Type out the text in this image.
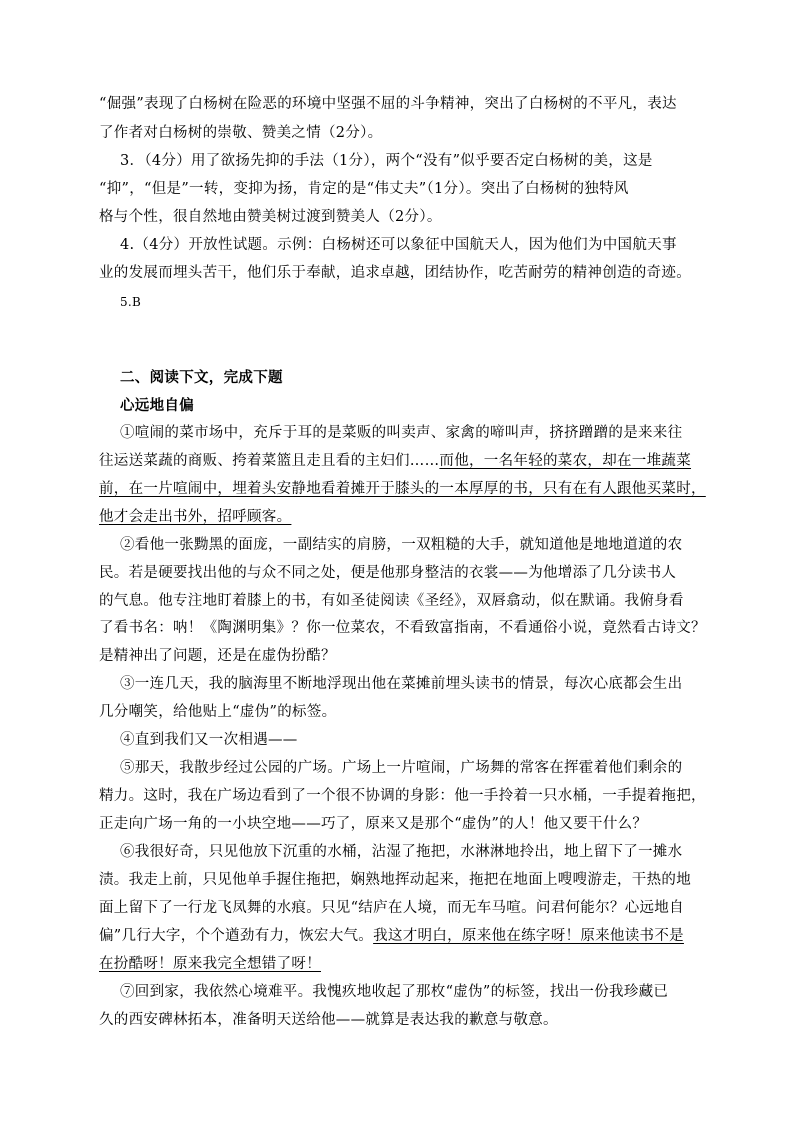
“倔强”表现了白杨树在险恶的环境中坚强不屈的斗争精神，突出了白杨树的不平凡，表达
了作者对白杨树的崇敬、赞美之情（2分）。
3．（4分）用了欲扬先抑的手法（1分），两个“没有”似乎要否定白杨树的美，这是
“抑”，“但是”一转，变抑为扬，肯定的是“伟丈夫”（1分）。突出了白杨树的独特风
格与个性，很自然地由赞美树过渡到赞美人（2分）。
4.（4分）开放性试题。示例：白杨树还可以象征中国航天人，因为他们为中国航天事
业的发展而埋头苦干，他们乐于奉献，追求卓越，团结协作，吃苦耐劳的精神创造的奇迹。
5.B
二、阅读下文，完成下题
心远地自偏
①喧闹的菜市场中，充斥于耳的是菜贩的叫卖声、家禽的啼叫声，挤挤蹭蹭的是来来往
往运送菜蔬的商贩、挎着菜篮且走且看的主妇们……而他，一名年轻的菜农，却在一堆蔬菜
前，在一片喧闹中，埋着头安静地看着摊开于膝头的一本厚厚的书，只有在有人跟他买菜时，
他才会走出书外，招呼顾客。
②看他一张黝黑的面庞，一副结实的肩膀，一双粗糙的大手，就知道他是地地道道的农
民。若是硬要找出他的与众不同之处，便是他那身整洁的衣裳——为他增添了几分读书人
的气息。他专注地盯着膝上的书，有如圣徒阅读《圣经》，双唇翕动，似在默诵。我俯身看
了看书名：呐！《陶渊明集》？你一位菜农，不看致富指南，不看通俗小说，竟然看古诗文？
是精神出了问题，还是在虚伪扮酷？
③一连几天，我的脑海里不断地浮现出他在菜摊前埋头读书的情景，每次心底都会生出
几分嘲笑，给他贴上“虚伪”的标签。
④直到我们又一次相遇——
⑤那天，我散步经过公园的广场。广场上一片喧闹，广场舞的常客在挥霍着他们剩余的
精力。这时，我在广场边看到了一个很不协调的身影：他一手拎着一只水桶，一手提着拖把，
正走向广场一角的一小块空地——巧了，原来又是那个“虚伪”的人！他又要干什么？
⑥我很好奇，只见他放下沉重的水桶，沾湿了拖把，水淋淋地拎出，地上留下了一摊水
渍。我走上前，只见他单手握住拖把，娴熟地挥动起来，拖把在地面上嗖嗖游走，干热的地
面上留下了一行龙飞凤舞的水痕。只见“结庐在人境，而无车马喧。问君何能尔？心远地自
偏”几行大字，个个遒劲有力，恢宏大气。我这才明白，原来他在练字呀！原来他读书不是
在扮酷呀！原来我完全想错了呀！
⑦回到家，我依然心境难平。我愧疚地收起了那枚“虚伪”的标签，找出一份我珍藏已
久的西安碑林拓本，准备明天送给他——就算是表达我的歉意与敬意。
